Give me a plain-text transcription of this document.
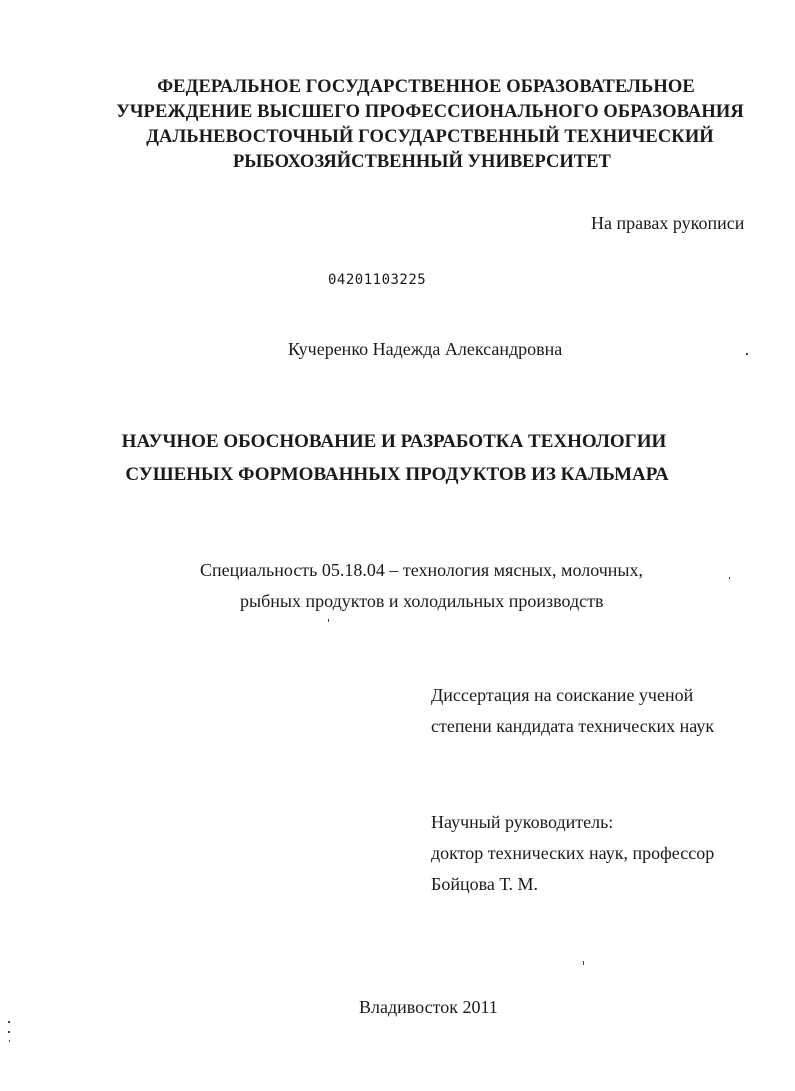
ФЕДЕРАЛЬНОЕ ГОСУДАРСТВЕННОЕ ОБРАЗОВАТЕЛЬНОЕ
УЧРЕЖДЕНИЕ ВЫСШЕГО ПРОФЕССИОНАЛЬНОГО ОБРАЗОВАНИЯ
ДАЛЬНЕВОСТОЧНЫЙ ГОСУДАРСТВЕННЫЙ ТЕХНИЧЕСКИЙ
РЫБОХОЗЯЙСТВЕННЫЙ УНИВЕРСИТЕТ
На правах рукописи
04201103225
Кучеренко Надежда Александровна
НАУЧНОЕ ОБОСНОВАНИЕ И РАЗРАБОТКА ТЕХНОЛОГИИ
СУШЕНЫХ ФОРМОВАННЫХ ПРОДУКТОВ ИЗ КАЛЬМАРА
Специальность 05.18.04 – технология мясных, молочных,
рыбных продуктов и холодильных производств
Диссертация на соискание ученой
степени кандидата технических наук
Научный руководитель:
доктор технических наук, профессор
Бойцова Т. М.
Владивосток 2011
